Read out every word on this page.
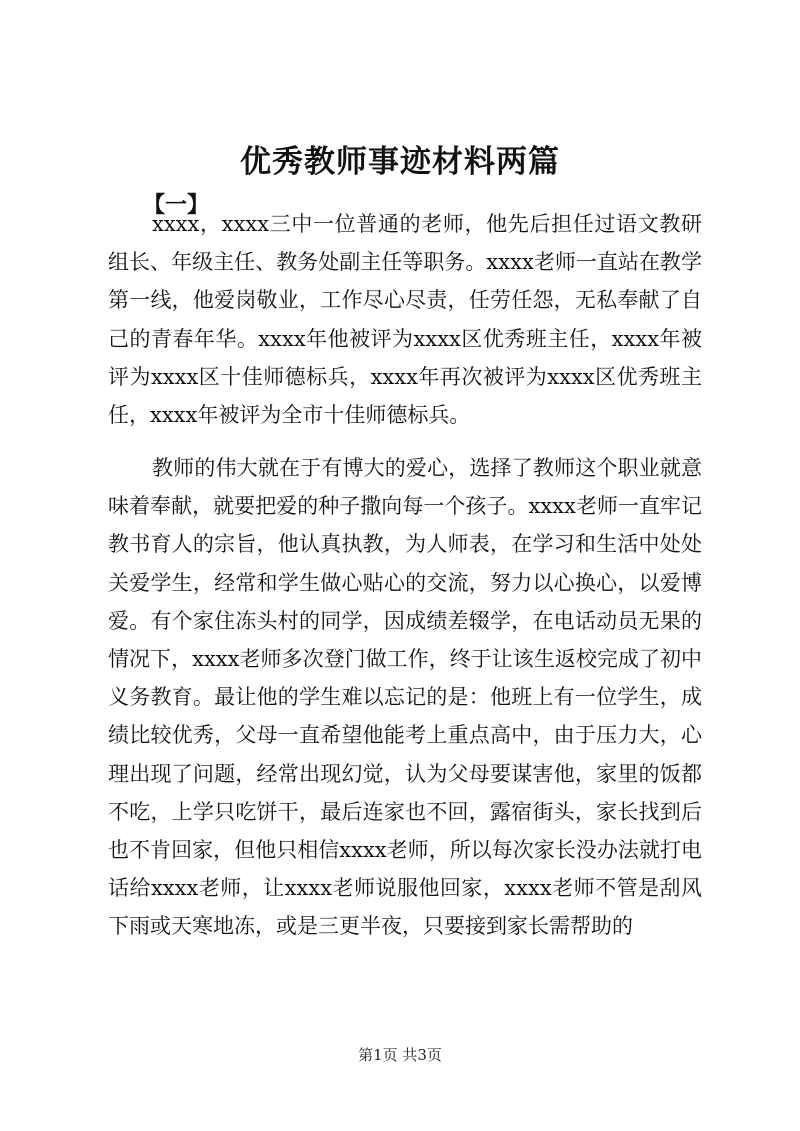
优秀教师事迹材料两篇
【一】

xxxx，xxxx三中一位普通的老师，他先后担任过语文教研组长、年级主任、教务处副主任等职务。xxxx老师一直站在教学第一线，他爱岗敬业，工作尽心尽责，任劳任怨，无私奉献了自己的青春年华。xxxx年他被评为xxxx区优秀班主任，xxxx年被评为xxxx区十佳师德标兵，xxxx年再次被评为xxxx区优秀班主任，xxxx年被评为全市十佳师德标兵。

教师的伟大就在于有博大的爱心，选择了教师这个职业就意味着奉献，就要把爱的种子撒向每一个孩子。xxxx老师一直牢记教书育人的宗旨，他认真执教，为人师表，在学习和生活中处处关爱学生，经常和学生做心贴心的交流，努力以心换心，以爱博爱。有个家住冻头村的同学，因成绩差辍学，在电话动员无果的情况下，xxxx老师多次登门做工作，终于让该生返校完成了初中义务教育。最让他的学生难以忘记的是：他班上有一位学生，成绩比较优秀，父母一直希望他能考上重点高中，由于压力大，心理出现了问题，经常出现幻觉，认为父母要谋害他，家里的饭都不吃，上学只吃饼干，最后连家也不回，露宿街头，家长找到后也不肯回家，但他只相信xxxx老师，所以每次家长没办法就打电话给xxxx老师，让xxxx老师说服他回家，xxxx老师不管是刮风下雨或天寒地冻，或是三更半夜，只要接到家长需帮助的

第1页 共3页
